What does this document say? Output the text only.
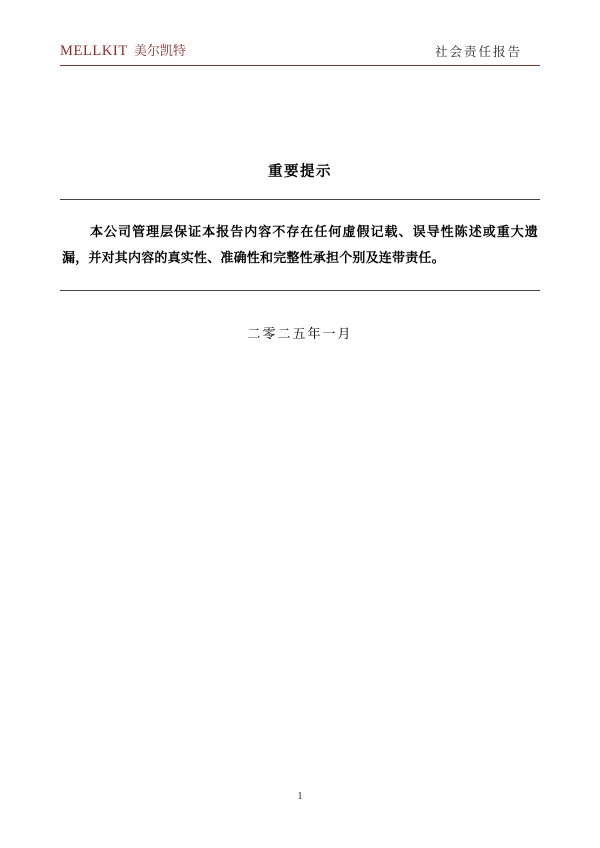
MELLKIT 美尔凯特	社会责任报告
重要提示
本公司管理层保证本报告内容不存在任何虚假记载、误导性陈述或重大遗漏，并对其内容的真实性、准确性和完整性承担个别及连带责任。
二零二五年一月
1
